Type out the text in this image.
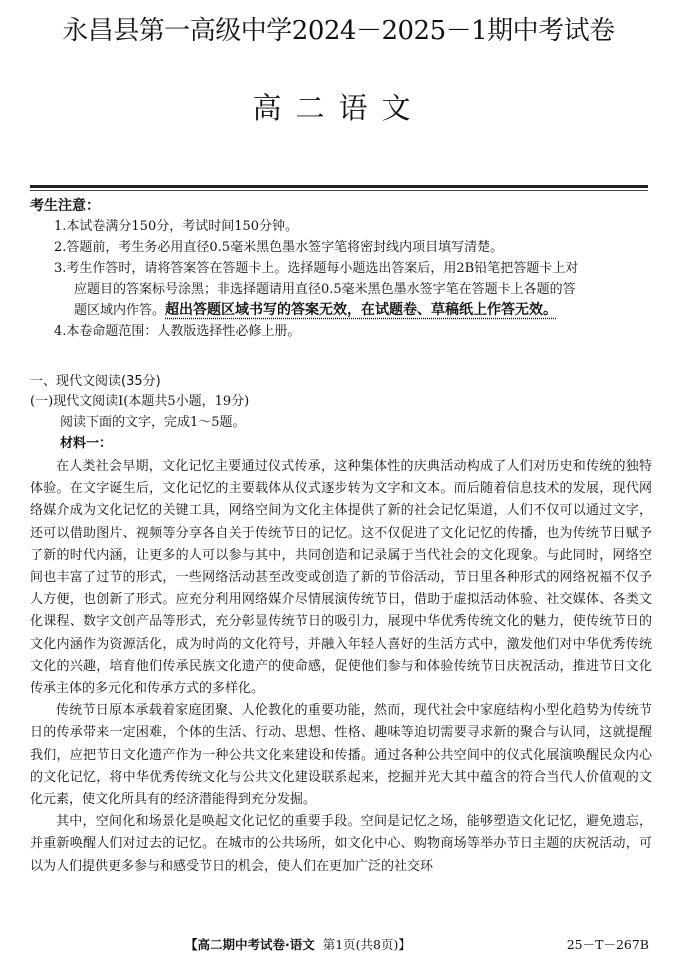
永昌县第一高级中学2024－2025－1期中考试卷
高二语文
考生注意：

1.本试卷满分150分，考试时间150分钟。

2.答题前，考生务必用直径0.5毫米黑色墨水签字笔将密封线内项目填写清楚。

3.考生作答时，请将答案答在答题卡上。选择题每小题选出答案后，用2B铅笔把答题卡上对

应题目的答案标号涂黑；非选择题请用直径0.5毫米黑色墨水签字笔在答题卡上各题的答

题区域内作答。超出答题区域书写的答案无效，在试题卷、草稿纸上作答无效。

4.本卷命题范围：人教版选择性必修上册。

一、现代文阅读(35分)
(一)现代文阅读Ⅰ(本题共5小题，19分)
阅读下面的文字，完成1～5题。
材料一：

在人类社会早期，文化记忆主要通过仪式传承，这种集体性的庆典活动构成了人们对历史和传统的独特体验。在文字诞生后，文化记忆的主要载体从仪式逐步转为文字和文本。而后随着信息技术的发展，现代网络媒介成为文化记忆的关键工具，网络空间为文化主体提供了新的社会记忆渠道，人们不仅可以通过文字，还可以借助图片、视频等分享各自关于传统节日的记忆。这不仅促进了文化记忆的传播，也为传统节日赋予了新的时代内涵，让更多的人可以参与其中，共同创造和记录属于当代社会的文化现象。与此同时，网络空间也丰富了过节的形式，一些网络活动甚至改变或创造了新的节俗活动，节日里各种形式的网络祝福不仅予人方便，也创新了形式。应充分利用网络媒介尽情展演传统节日，借助于虚拟活动体验、社交媒体、各类文化课程、数字文创产品等形式，充分彰显传统节日的吸引力，展现中华优秀传统文化的魅力，使传统节日的文化内涵作为资源活化，成为时尚的文化符号，并融入年轻人喜好的生活方式中，激发他们对中华优秀传统文化的兴趣，培育他们传承民族文化遗产的使命感，促使他们参与和体验传统节日庆祝活动，推进节日文化传承主体的多元化和传承方式的多样化。

传统节日原本承载着家庭团聚、人伦教化的重要功能，然而，现代社会中家庭结构小型化趋势为传统节日的传承带来一定困难，个体的生活、行动、思想、性格、趣味等迫切需要寻求新的聚合与认同，这就提醒我们，应把节日文化遗产作为一种公共文化来建设和传播。通过各种公共空间中的仪式化展演唤醒民众内心的文化记忆，将中华优秀传统文化与公共文化建设联系起来，挖掘并光大其中蕴含的符合当代人价值观的文化元素，使文化所具有的经济潜能得到充分发掘。

其中，空间化和场景化是唤起文化记忆的重要手段。空间是记忆之场，能够塑造文化记忆，避免遗忘，并重新唤醒人们对过去的记忆。在城市的公共场所，如文化中心、购物商场等举办节日主题的庆祝活动，可以为人们提供更多参与和感受节日的机会，使人们在更加广泛的社交环

【高二期中考试卷·语文 第1页(共8页)】	25－T－267B
